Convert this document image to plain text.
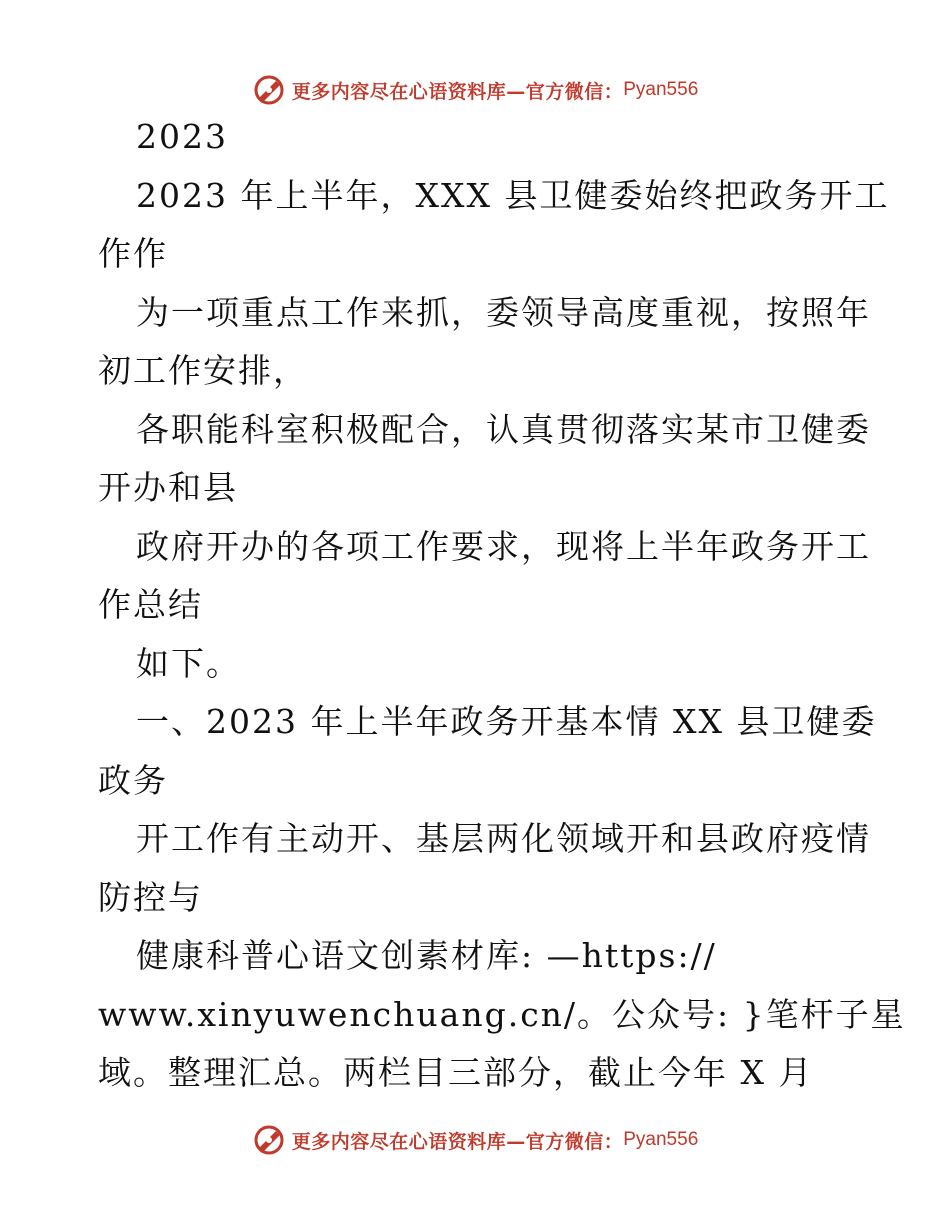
更多内容尽在心语资料库—官方微信： Pyan556
2023
2023 年上半年，XXX 县卫健委始终把政务开工
作作
为一项重点工作来抓，委领导高度重视，按照年
初工作安排，
各职能科室积极配合，认真贯彻落实某市卫健委
开办和县
政府开办的各项工作要求，现将上半年政务开工
作总结
如下。
一、2023 年上半年政务开基本情 XX 县卫健委
政务
开工作有主动开、基层两化领域开和县政府疫情
防控与
健康科普心语文创素材库: —https://
www.xinyuwenchuang.cn/。公众号: }笔杆子星
域。整理汇总。两栏目三部分，截止今年 X 月
更多内容尽在心语资料库—官方微信： Pyan556
